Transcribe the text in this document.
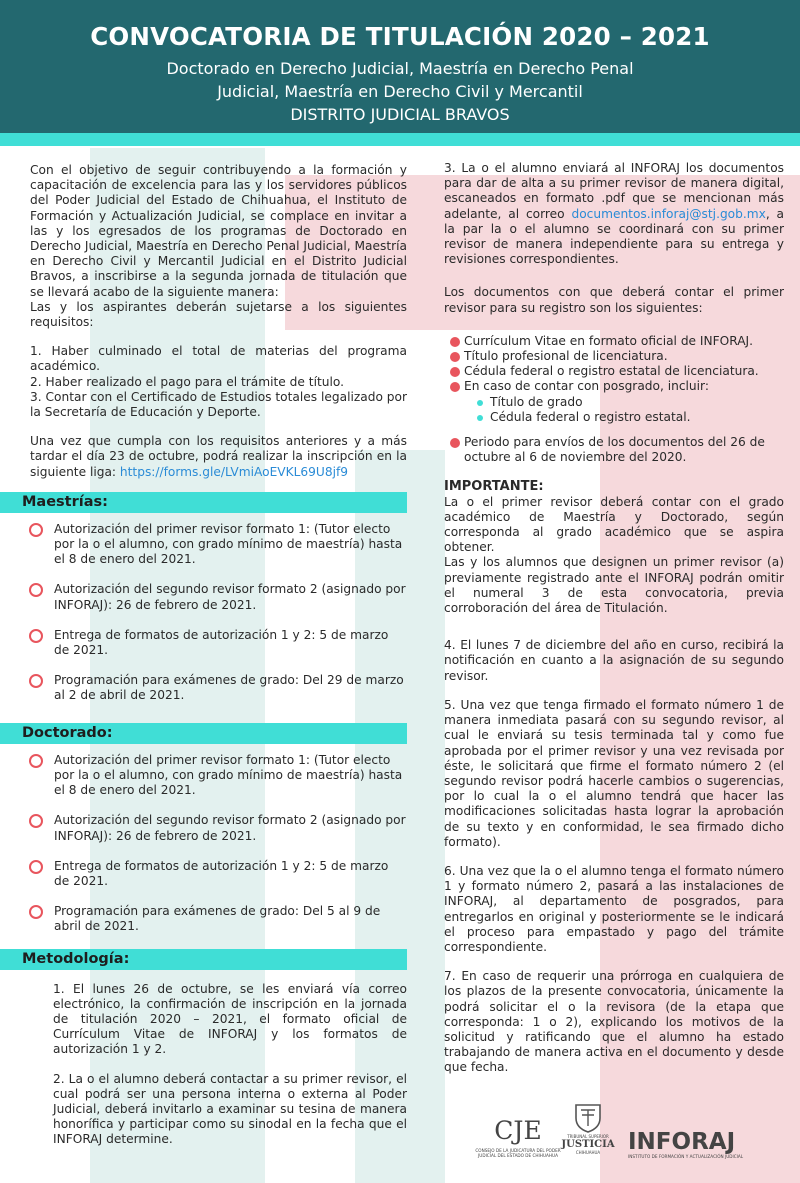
CONVOCATORIA DE TITULACIÓN 2020 – 2021
Doctorado en Derecho Judicial, Maestría en Derecho Penal
Judicial, Maestría en Derecho Civil y Mercantil
DISTRITO JUDICIAL BRAVOS

Con el objetivo de seguir contribuyendo a la formación y capacitación de excelencia para las y los servidores públicos del Poder Judicial del Estado de Chihuahua, el Instituto de Formación y Actualización Judicial, se complace en invitar a las y los egresados de los programas de Doctorado en Derecho Judicial, Maestría en Derecho Penal Judicial, Maestría en Derecho Civil y Mercantil Judicial en el Distrito Judicial Bravos, a inscribirse a la segunda jornada de titulación que se llevará acabo de la siguiente manera:

Las y los aspirantes deberán sujetarse a los siguientes requisitos:

1. Haber culminado el total de materias del programa académico.

2. Haber realizado el pago para el trámite de título.

3. Contar con el Certificado de Estudios totales legalizado por la Secretaría de Educación y Deporte.

Una vez que cumpla con los requisitos anteriores y a más tardar el día 23 de octubre, podrá realizar la inscripción en la siguiente liga: https://forms.gle/LVmiAoEVKL69U8jf9

Maestrías:
Autorización del primer revisor formato 1: (Tutor electo por la o el alumno, con grado mínimo de maestría) hasta el 8 de enero del 2021.
Autorización del segundo revisor formato 2 (asignado por INFORAJ): 26 de febrero de 2021.
Entrega de formatos de autorización 1 y 2: 5 de marzo de 2021.
Programación para exámenes de grado: Del 29 de marzo al 2 de abril de 2021.
Doctorado:
Autorización del primer revisor formato 1: (Tutor electo por la o el alumno, con grado mínimo de maestría) hasta el 8 de enero del 2021.
Autorización del segundo revisor formato 2 (asignado por INFORAJ): 26 de febrero de 2021.
Entrega de formatos de autorización 1 y 2: 5 de marzo de 2021.
Programación para exámenes de grado: Del 5 al 9 de abril de 2021.
Metodología:

1. El lunes 26 de octubre, se les enviará vía correo electrónico, la confirmación de inscripción en la jornada de titulación 2020 – 2021, el formato oficial de Currículum Vitae de INFORAJ y los formatos de autorización 1 y 2.

2. La o el alumno deberá contactar a su primer revisor, el cual podrá ser una persona interna o externa al Poder Judicial, deberá invitarlo a examinar su tesina de manera honorífica y participar como su sinodal en la fecha que el INFORAJ determine.

3. La o el alumno enviará al INFORAJ los documentos para dar de alta a su primer revisor de manera digital, escaneados en formato .pdf que se mencionan más adelante, al correo documentos.inforaj@stj.gob.mx, a la par la o el alumno se coordinará con su primer revisor de manera independiente para su entrega y revisiones correspondientes.

Los documentos con que deberá contar el primer revisor para su registro son los siguientes:

Currículum Vitae en formato oficial de INFORAJ.
Título profesional de licenciatura.
Cédula federal o registro estatal de licenciatura.
En caso de contar con posgrado, incluir:
Título de grado
Cédula federal o registro estatal.
Periodo para envíos de los documentos del 26 de octubre al 6 de noviembre del 2020.

IMPORTANTE:

La o el primer revisor deberá contar con el grado académico de Maestría y Doctorado, según corresponda al grado académico que se aspira obtener.

Las y los alumnos que designen un primer revisor (a) previamente registrado ante el INFORAJ podrán omitir el numeral 3 de esta convocatoria, previa corroboración del área de Titulación.

4. El lunes 7 de diciembre del año en curso, recibirá la notificación en cuanto a la asignación de su segundo revisor.

5. Una vez que tenga firmado el formato número 1 de manera inmediata pasará con su segundo revisor, al cual le enviará su tesis terminada tal y como fue aprobada por el primer revisor y una vez revisada por éste, le solicitará que firme el formato número 2 (el segundo revisor podrá hacerle cambios o sugerencias, por lo cual la o el alumno tendrá que hacer las modificaciones solicitadas hasta lograr la aprobación de su texto y en conformidad, le sea firmado dicho formato).

6. Una vez que la o el alumno tenga el formato número 1 y formato número 2, pasará a las instalaciones de INFORAJ, al departamento de posgrados, para entregarlos en original y posteriormente se le indicará el proceso para empastado y pago del trámite correspondiente.

7. En caso de requerir una prórroga en cualquiera de los plazos de la presente convocatoria, únicamente la podrá solicitar el o la revisora (de la etapa que corresponda: 1 o 2), explicando los motivos de la solicitud y ratificando que el alumno ha estado trabajando de manera activa en el documento y desde que fecha.

CJE
CONSEJO DE LA JUDICATURA DEL PODER JUDICIAL DEL ESTADO DE CHIHUAHUA
TRIBUNAL SUPERIOR
JUSTICIA
CHIHUAHUA	INFORAJ
INSTITUTO DE FORMACIÓN Y ACTUALIZACIÓN JUDICIAL
